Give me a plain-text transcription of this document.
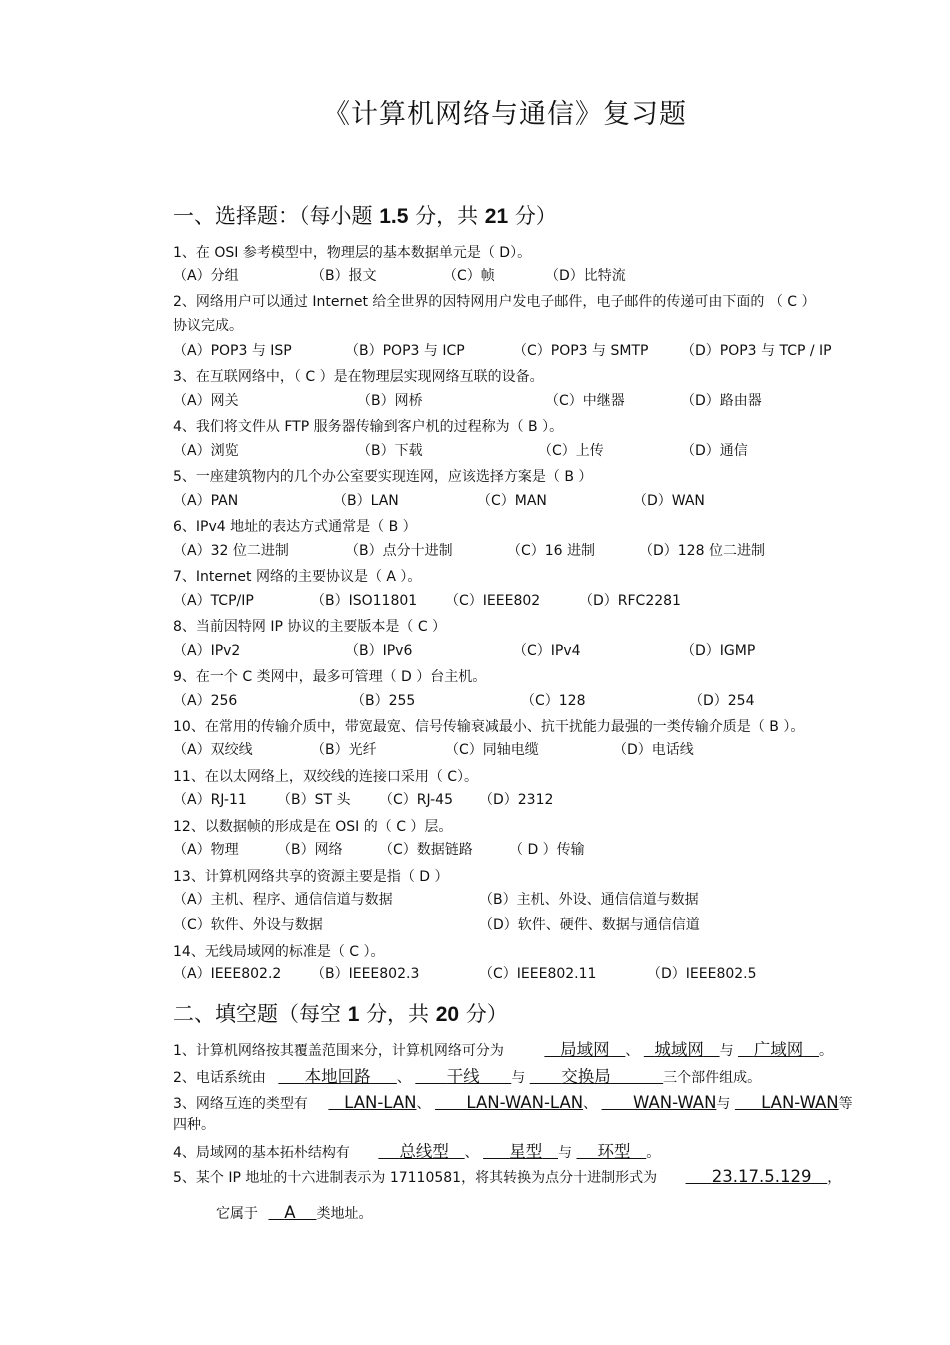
《计算机网络与通信》复习题
一、选择题：（每小题 1.5 分，共 21 分）
1、在 OSI 参考模型中，物理层的基本数据单元是（ D）。
（A）分组	（B）报文	（C）帧	（D）比特流
2、网络用户可以通过 Internet 给全世界的因特网用户发电子邮件，电子邮件的传递可由下面的 （ C ）
协议完成。
（A）POP3 与 ISP	（B）POP3 与 ICP	（C）POP3 与 SMTP （D）POP3 与 TCP / IP
3、在互联网络中，（ C ）是在物理层实现网络互联的设备。
（A）网关	（B）网桥	（C）中继器	（D）路由器
4、我们将文件从 FTP 服务器传输到客户机的过程称为（ B ）。
（A）浏览	（B）下载	（C）上传	（D）通信
5、一座建筑物内的几个办公室要实现连网，应该选择方案是（ B ）
（A）PAN	（B）LAN	（C）MAN	（D）WAN
6、IPv4 地址的表达方式通常是（ B ）
（A）32 位二进制	（B）点分十进制	（C）16 进制	（D）128 位二进制
7、Internet 网络的主要协议是（ A ）。
（A）TCP/IP	（B）ISO11801 （C）IEEE802	（D）RFC2281
8、当前因特网 IP 协议的主要版本是（ C ）
（A）IPv2	（B）IPv6	（C）IPv4	（D）IGMP
9、在一个 C 类网中，最多可管理（ D ）台主机。
（A）256	（B）255	（C）128	（D）254
10、在常用的传输介质中，带宽最宽、信号传输衰减最小、抗干扰能力最强的一类传输介质是（ B ）。
（A）双绞线	（B）光纤	（C）同轴电缆	（D）电话线
11、在以太网络上，双绞线的连接口采用（ C）。
（A）RJ-11 （B）ST 头 （C）RJ-45 （D）2312
12、以数据帧的形成是在 OSI 的（ C ）层。
（A）物理	（B）网络	（C）数据链路	（ D ）传输
13、计算机网络共享的资源主要是指（ D ）
（A）主机、程序、通信信道与数据	（B）主机、外设、通信信道与数据
（C）软件、外设与数据	（D）软件、硬件、数据与通信信道
14、无线局域网的标准是（ C ）。
（A）IEEE802.2 （B）IEEE802.3	（C）IEEE802.11	（D）IEEE802.5
二、填空题（每空 1 分，共 20 分）
1、计算机网络按其覆盖范围来分，计算机网络可分为	局域网 、 城域网 与 广域网 。
2、电话系统由 本地回路 、 干线 与 交换局	三个部件组成。
3、网络互连的类型有 LAN-LAN、 LAN-WAN-LAN、 WAN-WAN与 LAN-WAN等
四种。
4、局域网的基本拓朴结构有	总线型 、 星型 与 环型 。
5、某个 IP 地址的十六进制表示为 17110581，将其转换为点分十进制形式为	23.17.5.129 ，
它属于 A 类地址。
